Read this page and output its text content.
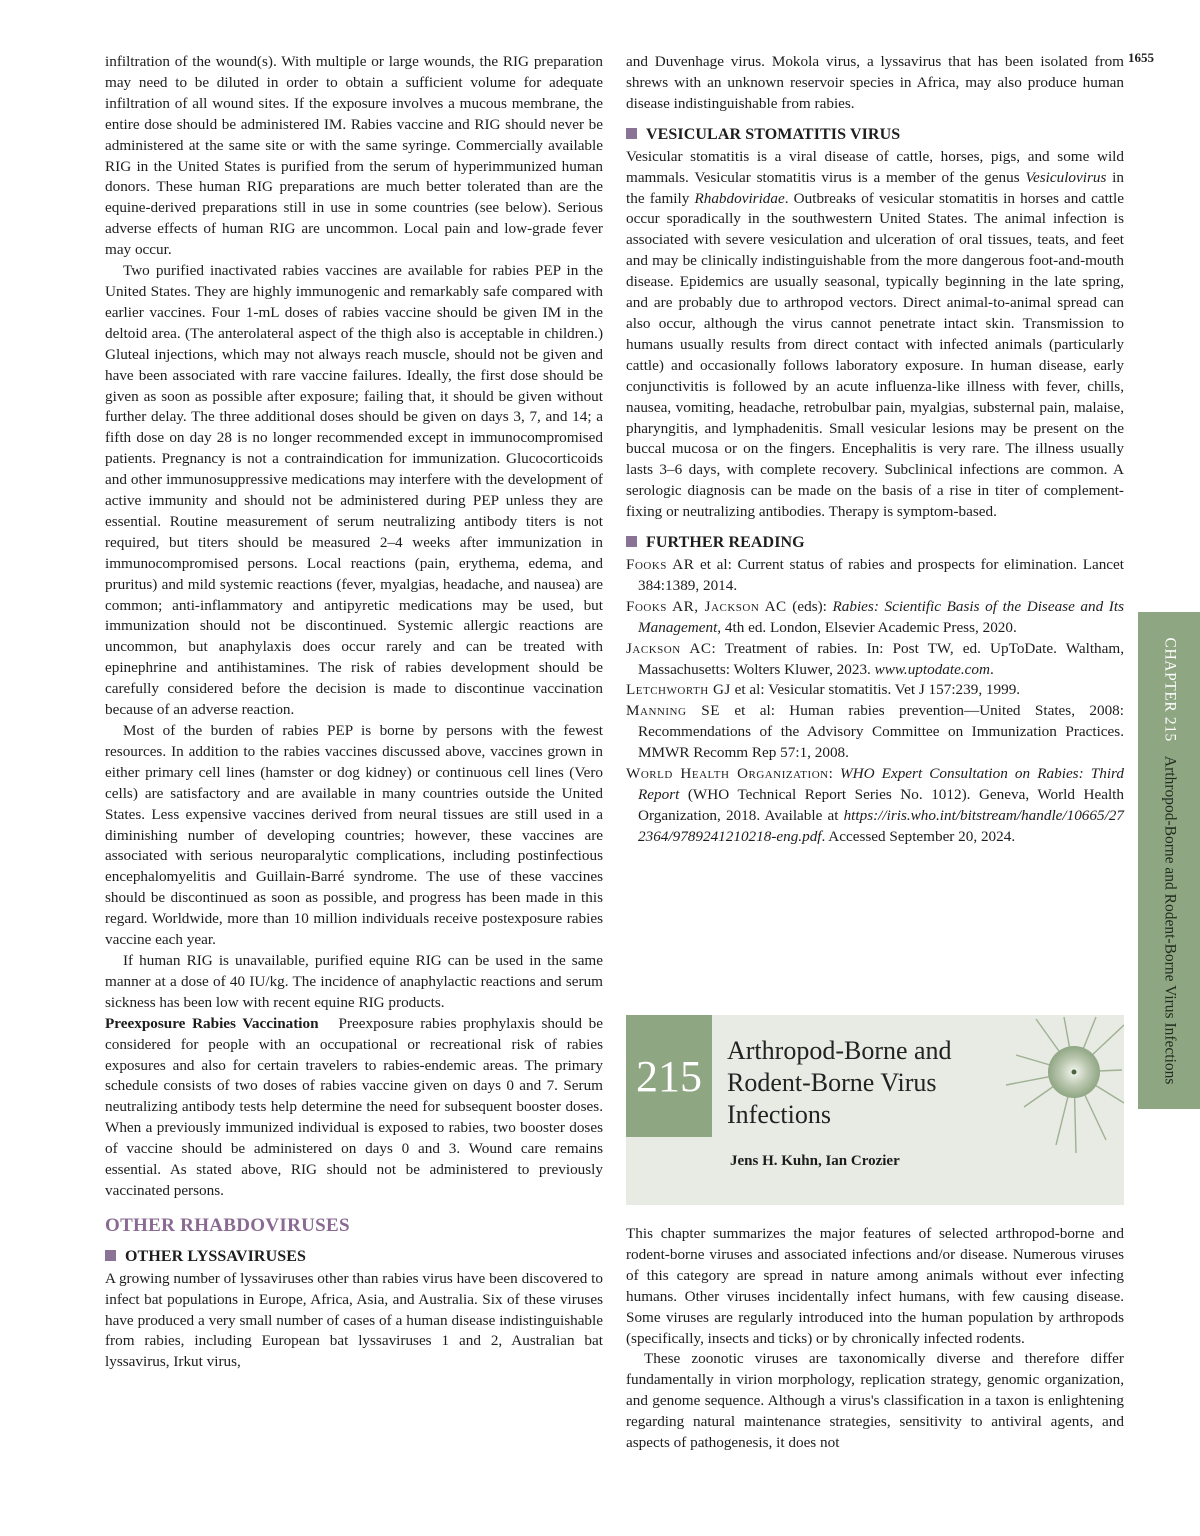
1655

infiltration of the wound(s). With multiple or large wounds, the RIG preparation may need to be diluted in order to obtain a sufficient volume for adequate infiltration of all wound sites. If the exposure involves a mucous membrane, the entire dose should be administered IM. Rabies vaccine and RIG should never be administered at the same site or with the same syringe. Commercially available RIG in the United States is purified from the serum of hyperimmunized human donors. These human RIG preparations are much better tolerated than are the equine-derived preparations still in use in some countries (see below). Serious adverse effects of human RIG are uncommon. Local pain and low-grade fever may occur.

Two purified inactivated rabies vaccines are available for rabies PEP in the United States. They are highly immunogenic and remarkably safe compared with earlier vaccines. Four 1-mL doses of rabies vaccine should be given IM in the deltoid area. (The anterolateral aspect of the thigh also is acceptable in children.) Gluteal injections, which may not always reach muscle, should not be given and have been associated with rare vaccine failures. Ideally, the first dose should be given as soon as possible after exposure; failing that, it should be given without further delay. The three additional doses should be given on days 3, 7, and 14; a fifth dose on day 28 is no longer recommended except in immunocompromised patients. Pregnancy is not a contraindication for immunization. Glucocorticoids and other immunosuppressive medications may interfere with the development of active immunity and should not be administered during PEP unless they are essential. Routine measurement of serum neutralizing antibody titers is not required, but titers should be measured 2–4 weeks after immunization in immunocompromised persons. Local reactions (pain, erythema, edema, and pruritus) and mild systemic reactions (fever, myalgias, headache, and nausea) are common; anti-inflammatory and antipyretic medications may be used, but immunization should not be discontinued. Systemic allergic reactions are uncommon, but anaphylaxis does occur rarely and can be treated with epinephrine and antihistamines. The risk of rabies development should be carefully considered before the decision is made to discontinue vaccination because of an adverse reaction.

Most of the burden of rabies PEP is borne by persons with the fewest resources. In addition to the rabies vaccines discussed above, vaccines grown in either primary cell lines (hamster or dog kidney) or continuous cell lines (Vero cells) are satisfactory and are available in many countries outside the United States. Less expensive vaccines derived from neural tissues are still used in a diminishing number of developing countries; however, these vaccines are associated with serious neuroparalytic complications, including postinfectious encephalomyelitis and Guillain-Barré syndrome. The use of these vaccines should be discontinued as soon as possible, and progress has been made in this regard. Worldwide, more than 10 million individuals receive postexposure rabies vaccine each year.

If human RIG is unavailable, purified equine RIG can be used in the same manner at a dose of 40 IU/kg. The incidence of anaphylactic reactions and serum sickness has been low with recent equine RIG products.

Preexposure Rabies Vaccination Preexposure rabies prophylaxis should be considered for people with an occupational or recreational risk of rabies exposures and also for certain travelers to rabies-endemic areas. The primary schedule consists of two doses of rabies vaccine given on days 0 and 7. Serum neutralizing antibody tests help determine the need for subsequent booster doses. When a previously immunized individual is exposed to rabies, two booster doses of vaccine should be administered on days 0 and 3. Wound care remains essential. As stated above, RIG should not be administered to previously vaccinated persons.

OTHER RHABDOVIRUSES
OTHER LYSSAVIRUSES

A growing number of lyssaviruses other than rabies virus have been discovered to infect bat populations in Europe, Africa, Asia, and Australia. Six of these viruses have produced a very small number of cases of a human disease indistinguishable from rabies, including European bat lyssaviruses 1 and 2, Australian bat lyssavirus, Irkut virus,

and Duvenhage virus. Mokola virus, a lyssavirus that has been isolated from shrews with an unknown reservoir species in Africa, may also produce human disease indistinguishable from rabies.

VESICULAR STOMATITIS VIRUS

Vesicular stomatitis is a viral disease of cattle, horses, pigs, and some wild mammals. Vesicular stomatitis virus is a member of the genus Vesiculovirus in the family Rhabdoviridae. Outbreaks of vesicular stomatitis in horses and cattle occur sporadically in the southwestern United States. The animal infection is associated with severe vesiculation and ulceration of oral tissues, teats, and feet and may be clinically indistinguishable from the more dangerous foot-and-mouth disease. Epidemics are usually seasonal, typically beginning in the late spring, and are probably due to arthropod vectors. Direct animal-to-animal spread can also occur, although the virus cannot penetrate intact skin. Transmission to humans usually results from direct contact with infected animals (particularly cattle) and occasionally follows laboratory exposure. In human disease, early conjunctivitis is followed by an acute influenza-like illness with fever, chills, nausea, vomiting, headache, retrobulbar pain, myalgias, substernal pain, malaise, pharyngitis, and lymphadenitis. Small vesicular lesions may be present on the buccal mucosa or on the fingers. Encephalitis is very rare. The illness usually lasts 3–6 days, with complete recovery. Subclinical infections are common. A serologic diagnosis can be made on the basis of a rise in titer of complement-fixing or neutralizing antibodies. Therapy is symptom-based.

FURTHER READING

Fooks AR et al: Current status of rabies and prospects for elimination. Lancet 384:1389, 2014.

Fooks AR, Jackson AC (eds): Rabies: Scientific Basis of the Disease and Its Management, 4th ed. London, Elsevier Academic Press, 2020.

Jackson AC: Treatment of rabies. In: Post TW, ed. UpToDate. Waltham, Massachusetts: Wolters Kluwer, 2023. www.uptodate.com.

Letchworth GJ et al: Vesicular stomatitis. Vet J 157:239, 1999.

Manning SE et al: Human rabies prevention—United States, 2008: Recommendations of the Advisory Committee on Immunization Practices. MMWR Recomm Rep 57:1, 2008.

World Health Organization: WHO Expert Consultation on Rabies: Third Report (WHO Technical Report Series No. 1012). Geneva, World Health Organization, 2018. Available at https://iris.who.int/bitstream/handle/10665/272364/9789241210218-eng.pdf. Accessed September 20, 2024.

CHAPTER 215
Arthropod-Borne and Rodent-Borne Virus Infections
215
Arthropod-Borne and Rodent-Borne Virus Infections
Jens H. Kuhn, Ian Crozier

This chapter summarizes the major features of selected arthropod-borne and rodent-borne viruses and associated infections and/or disease. Numerous viruses of this category are spread in nature among animals without ever infecting humans. Other viruses incidentally infect humans, with few causing disease. Some viruses are regularly introduced into the human population by arthropods (specifically, insects and ticks) or by chronically infected rodents.

These zoonotic viruses are taxonomically diverse and therefore differ fundamentally in virion morphology, replication strategy, genomic organization, and genome sequence. Although a virus's classification in a taxon is enlightening regarding natural maintenance strategies, sensitivity to antiviral agents, and aspects of pathogenesis, it does not
